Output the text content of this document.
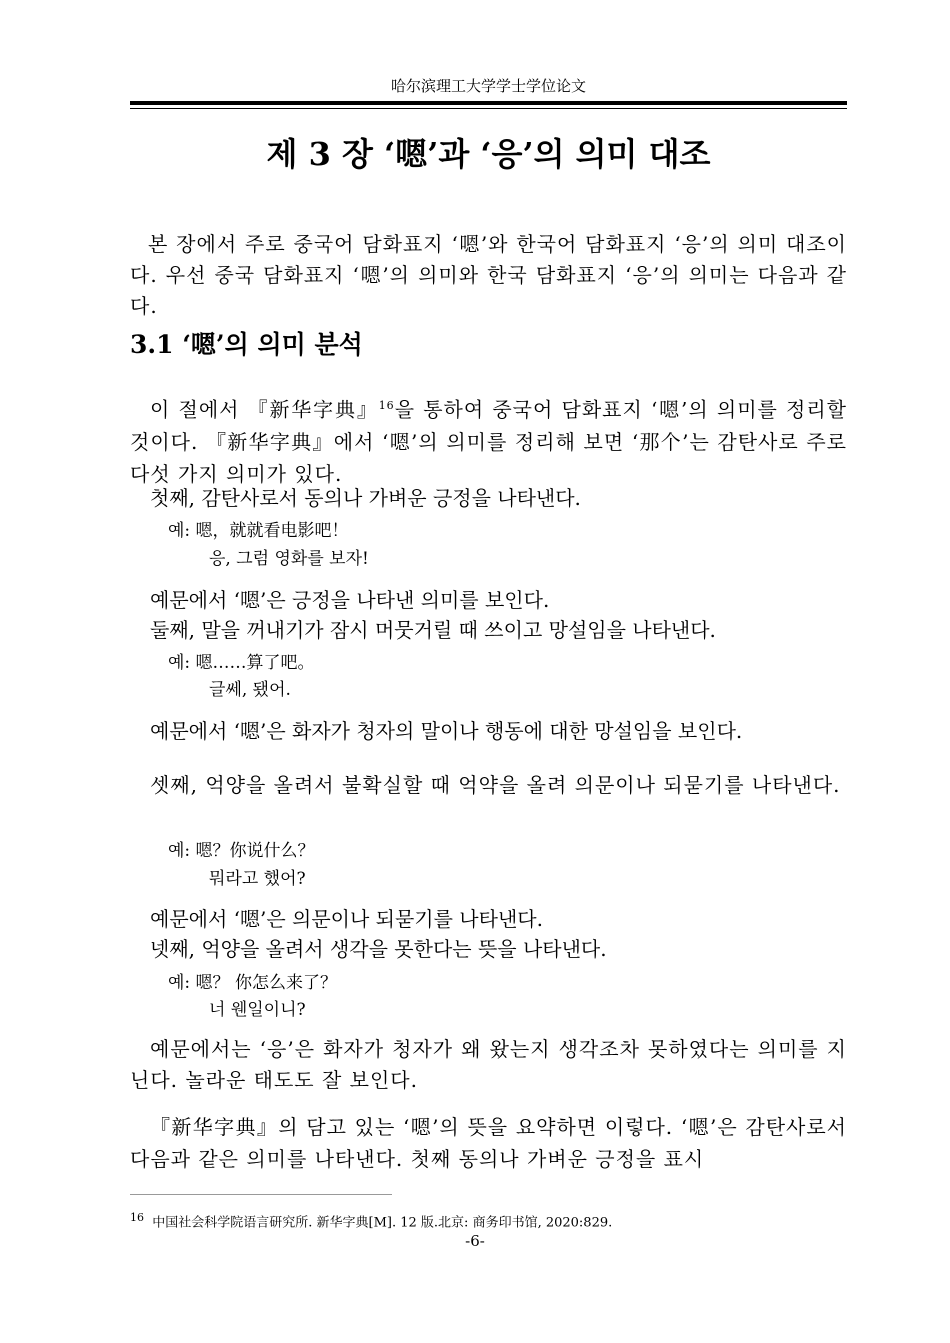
哈尔滨理工大学学士学位论文
제 3 장 ‘嗯’과 ‘응’의 의미 대조
본 장에서 주로 중국어 담화표지 ‘嗯’와 한국어 담화표지 ‘응’의 의미 대조이다. 우선 중국 담화표지 ‘嗯’의 의미와 한국 담화표지 ‘응’의 의미는 다음과 같다.
3.1 ‘嗯’의 의미 분석
이 절에서 『新华字典』$^{16}$을 통하여 중국어 담화표지 ‘嗯’의 의미를 정리할 것이다. 『新华字典』에서 ‘嗯’의 의미를 정리해 보면 ‘那个’는 감탄사로 주로 다섯 가지 의미가 있다.
첫째, 감탄사로서 동의나 가벼운 긍정을 나타낸다.
예: 嗯，就就看电影吧！
응, 그럼 영화를 보자!
예문에서 ‘嗯’은 긍정을 나타낸 의미를 보인다.
둘째, 말을 꺼내기가 잠시 머뭇거릴 때 쓰이고 망설임을 나타낸다.
예: 嗯……算了吧。
글쎄, 됐어.
예문에서 ‘嗯’은 화자가 청자의 말이나 행동에 대한 망설임을 보인다.
셋째, 억양을 올려서 불확실할 때 억약을 올려 의문이나 되묻기를 나타낸다.
예: 嗯？你说什么？
뭐라고 했어?
예문에서 ‘嗯’은 의문이나 되묻기를 나타낸다.
넷째, 억양을 올려서 생각을 못한다는 뜻을 나타낸다.
예: 嗯？ 你怎么来了？
너 웬일이니?
예문에서는 ‘응’은 화자가 청자가 왜 왔는지 생각조차 못하였다는 의미를 지닌다. 놀라운 태도도 잘 보인다.
『新华字典』의 담고 있는 ‘嗯’의 뜻을 요약하면 이렇다. ‘嗯’은 감탄사로서 다음과 같은 의미를 나타낸다. 첫째 동의나 가벼운 긍정을 표시
$^{16}$ 中国社会科学院语言研究所. 新华字典[M]. 12 版.北京: 商务印书馆, 2020:829.
-6-
